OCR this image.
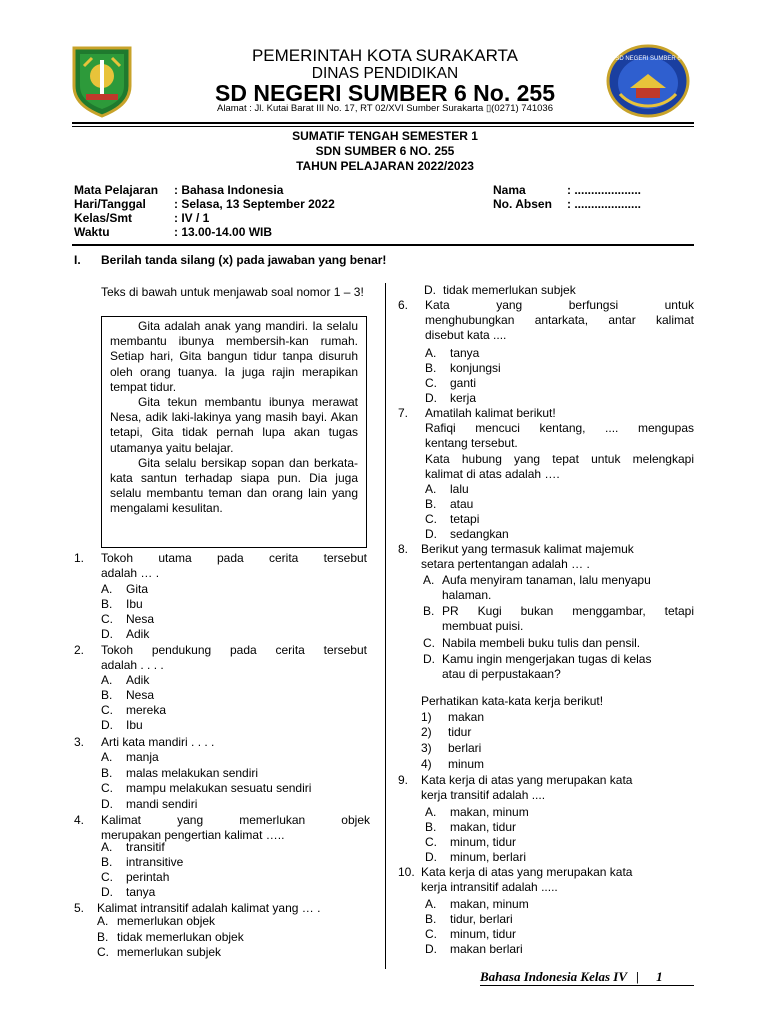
SD NEGERI SUMBER 6
PEMERINTAH KOTA SURAKARTA
DINAS PENDIDIKAN
SD NEGERI SUMBER 6 No. 255
Alamat : Jl. Kutai Barat III No. 17, RT 02/XVI Sumber Surakarta ▯(0271) 741036
SUMATIF TENGAH SEMESTER 1
SDN SUMBER 6 NO. 255
TAHUN PELAJARAN 2022/2023
Mata Pelajaran : Bahasa Indonesia
Hari/Tanggal : Selasa, 13 September 2022
Kelas/Smt	: IV / 1
Waktu	: 13.00-14.00 WIB
Nama	: ....................
No. Absen : ....................
I. Berilah tanda silang (x) pada jawaban yang benar!
Teks di bawah untuk menjawab soal nomor 1 – 3!

Gita adalah anak yang mandiri. Ia selalu membantu ibunya membersih-kan rumah. Setiap hari, Gita bangun tidur tanpa disuruh oleh orang tuanya. Ia juga rajin merapikan tempat tidur.

Gita tekun membantu ibunya merawat Nesa, adik laki-lakinya yang masih bayi. Akan tetapi, Gita tidak pernah lupa akan tugas utamanya yaitu belajar.

Gita selalu bersikap sopan dan berkata-kata santun terhadap siapa pun. Dia juga selalu membantu teman dan orang lain yang mengalami kesulitan.

1. Tokoh utama pada cerita tersebut
adalah … .
A. Gita
B. Ibu
C. Nesa
D. Adik
2. Tokoh pendukung pada cerita tersebut
adalah . . . .
A. Adik
B. Nesa
C. mereka
D. Ibu
3. Arti kata mandiri . . . .
A. manja
B. malas melakukan sendiri
C. mampu melakukan sesuatu sendiri
D. mandi sendiri
4. Kalimat yang memerlukan objek
merupakan pengertian kalimat …..
A. transitif
B. intransitive
C. perintah
D. tanya
5. Kalimat intransitif adalah kalimat yang … .
A. memerlukan objek
B. tidak memerlukan objek
C. memerlukan subjek
D. tidak memerlukan subjek
6. Kata yang berfungsi untuk
menghubungkan antarkata, antar kalimat
disebut kata ....
A. tanya
B. konjungsi
C. ganti
D. kerja
7. Amatilah kalimat berikut!
Rafiqi mencuci kentang, .... mengupas
kentang tersebut.
Kata hubung yang tepat untuk melengkapi
kalimat di atas adalah ….
A. lalu
B. atau
C. tetapi
D. sedangkan
8. Berikut yang termasuk kalimat majemuk
setara pertentangan adalah … .
A. Aufa menyiram tanaman, lalu menyapu
halaman.
B. PR Kugi bukan menggambar, tetapi
membuat puisi.
C. Nabila membeli buku tulis dan pensil.
D. Kamu ingin mengerjakan tugas di kelas
atau di perpustakaan?
Perhatikan kata-kata kerja berikut!
1) makan
2) tidur
3) berlari
4) minum
9. Kata kerja di atas yang merupakan kata
kerja transitif adalah ....
A. makan, minum
B. makan, tidur
C. minum, tidur
D. minum, berlari
10. Kata kerja di atas yang merupakan kata
kerja intransitif adalah .....
A. makan, minum
B. tidur, berlari
C. minum, tidur
D. makan berlari
Bahasa Indonesia Kelas IV | 1
